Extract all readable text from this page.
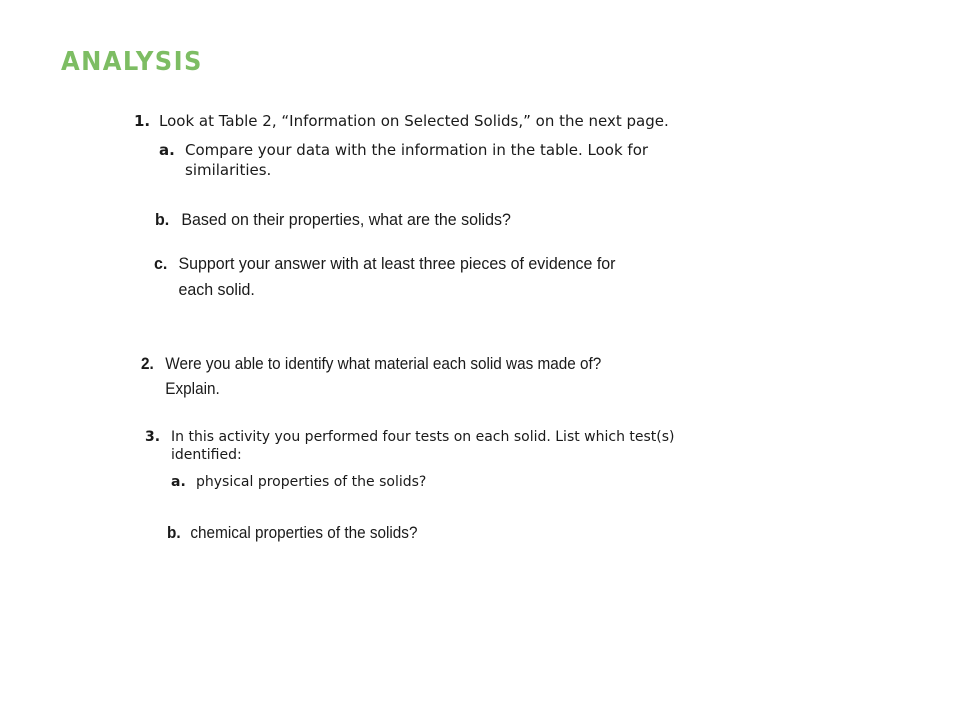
ANALYSIS
1. Look at Table 2, “Information on Selected Solids,” on the next page.
a. Compare your data with the information in the table. Look for
similarities.
b. Based on their properties, what are the solids?
c. Support your answer with at least three pieces of evidence for
each solid.
2. Were you able to identify what material each solid was made of?
Explain.
3. In this activity you performed four tests on each solid. List which test(s)
identified:
a. physical properties of the solids?
b. chemical properties of the solids?
